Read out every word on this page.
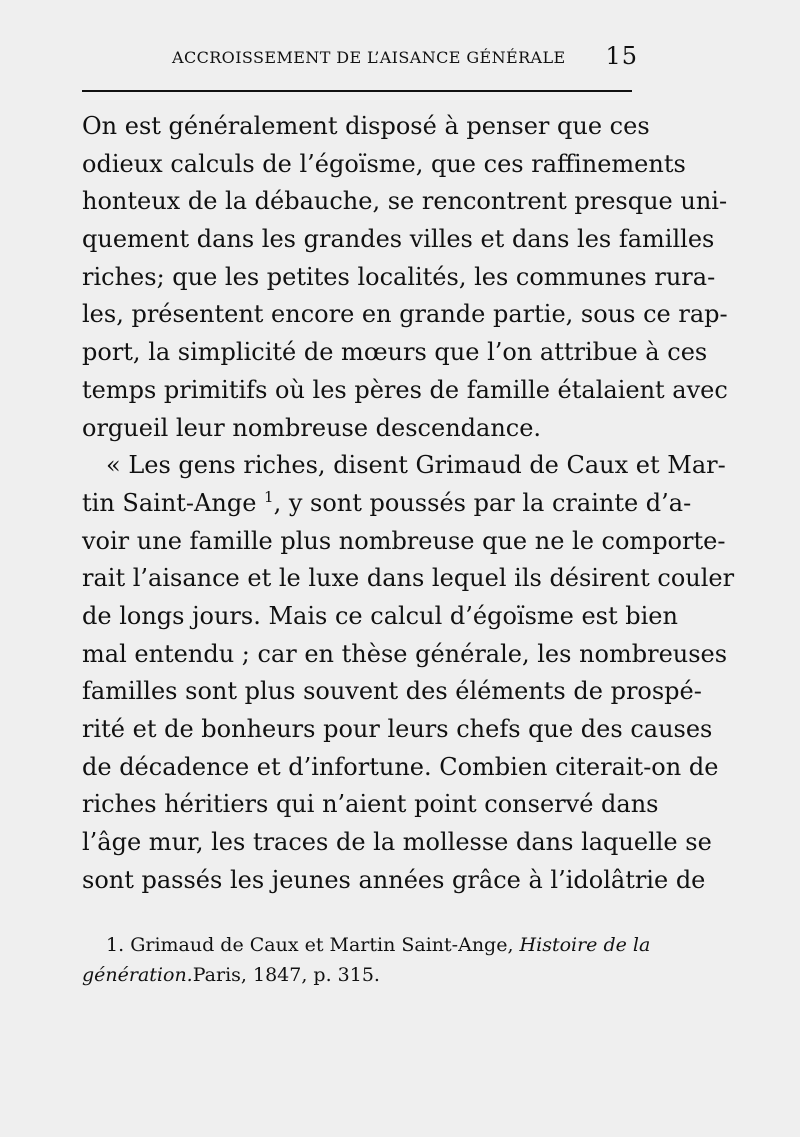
ACCROISSEMENT DE L’AISANCE GÉNÉRALE 15
On est généralement disposé à penser que ces
odieux calculs de l’égoïsme, que ces raffinements
honteux de la débauche, se rencontrent presque uni-
quement dans les grandes villes et dans les familles
riches; que les petites localités, les communes rura-
les, présentent encore en grande partie, sous ce rap-
port, la simplicité de mœurs que l’on attribue à ces
temps primitifs où les pères de famille étalaient avec
orgueil leur nombreuse descendance.
« Les gens riches, disent Grimaud de Caux et Mar-
tin Saint-Ange $^1$, y sont poussés par la crainte d’a-
voir une famille plus nombreuse que ne le comporte-
rait l’aisance et le luxe dans lequel ils désirent couler
de longs jours. Mais ce calcul d’égoïsme est bien
mal entendu ; car en thèse générale, les nombreuses
familles sont plus souvent des éléments de prospé-
rité et de bonheurs pour leurs chefs que des causes
de décadence et d’infortune. Combien citerait-on de
riches héritiers qui n’aient point conservé dans
l’âge mur, les traces de la mollesse dans laquelle se
sont passés les jeunes années grâce à l’idolâtrie de
1. Grimaud de Caux et Martin Saint-Ange, Histoire de la
génération.Paris, 1847, p. 315.
